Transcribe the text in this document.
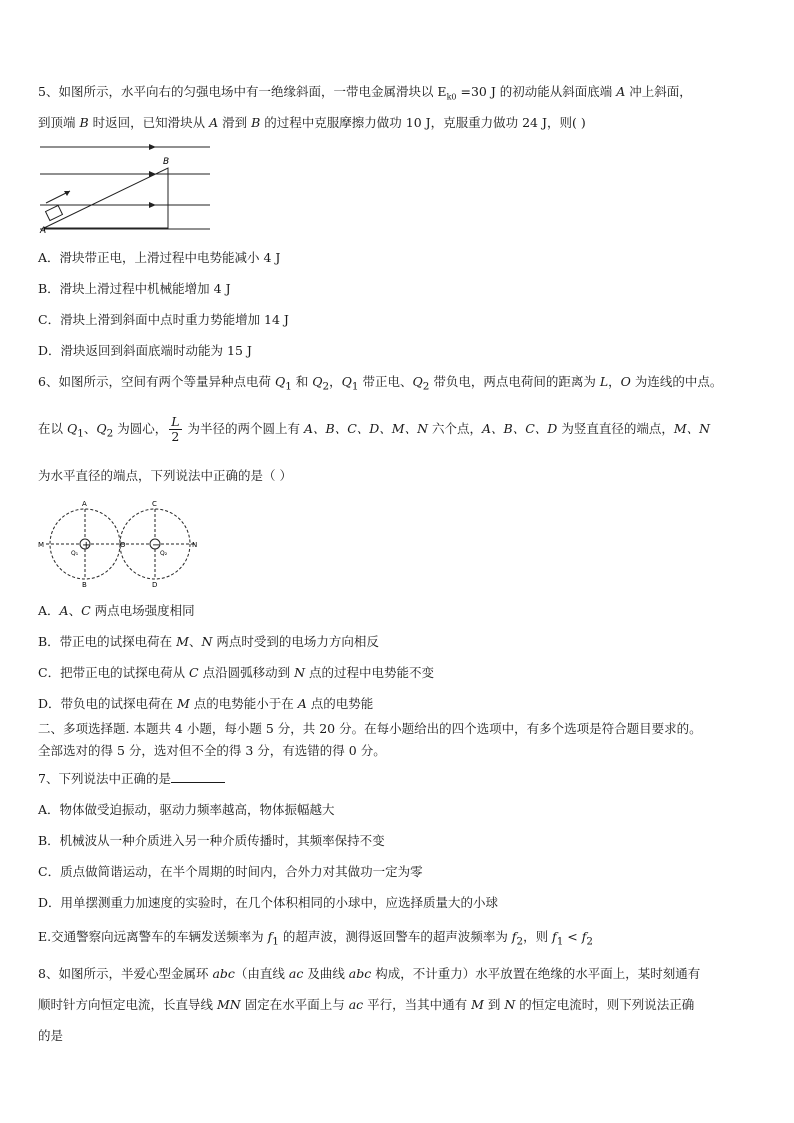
5、如图所示，水平向右的匀强电场中有一绝缘斜面，一带电金属滑块以 $E_{k0} =30$ J 的初动能从斜面底端 A 冲上斜面，
到顶端 B 时返回，已知滑块从 A 滑到 B 的过程中克服摩擦力做功 10 J，克服重力做功 24 J，则( )
B
A
A．滑块带正电，上滑过程中电势能减小 4 J
B．滑块上滑过程中机械能增加 4 J
C．滑块上滑到斜面中点时重力势能增加 14 J
D．滑块返回到斜面底端时动能为 15 J
6、如图所示，空间有两个等量异种点电荷 $Q_1$ 和 $Q_2$，$Q_1$ 带正电、$Q_2$ 带负电，两点电荷间的距离为 L，O 为连线的中点。
在以 $Q_1$、$Q_2$ 为圆心， $\frac{L}{2}$ 为半径的两个圆上有 A、B、C、D、M、N 六个点，A、B、C、D 为竖直直径的端点，M、N
为水平直径的端点，下列说法中正确的是（ ）
+	−
A
B
C
D
M	N
O
Q₁	Q₂
A．A、C 两点电场强度相同
B．带正电的试探电荷在 M、N 两点时受到的电场力方向相反
C．把带正电的试探电荷从 C 点沿圆弧移动到 N 点的过程中电势能不变
D．带负电的试探电荷在 M 点的电势能小于在 A 点的电势能
二、多项选择题. 本题共 4 小题，每小题 5 分，共 20 分。在每小题给出的四个选项中，有多个选项是符合题目要求的。
全部选对的得 5 分，选对但不全的得 3 分，有选错的得 0 分。
7、下列说法中正确的是
A．物体做受迫振动，驱动力频率越高，物体振幅越大
B．机械波从一种介质进入另一种介质传播时，其频率保持不变
C．质点做简谐运动，在半个周期的时间内，合外力对其做功一定为零
D．用单摆测重力加速度的实验时，在几个体积相同的小球中，应选择质量大的小球
E.交通警察向远离警车的车辆发送频率为 $f_1$ 的超声波，测得返回警车的超声波频率为 $f_2$，则 $f_1 < f_2$
8、如图所示，半爱心型金属环 abc（由直线 ac 及曲线 abc 构成，不计重力）水平放置在绝缘的水平面上，某时刻通有
顺时针方向恒定电流，长直导线 MN 固定在水平面上与 ac 平行，当其中通有 M 到 N 的恒定电流时，则下列说法正确
的是
